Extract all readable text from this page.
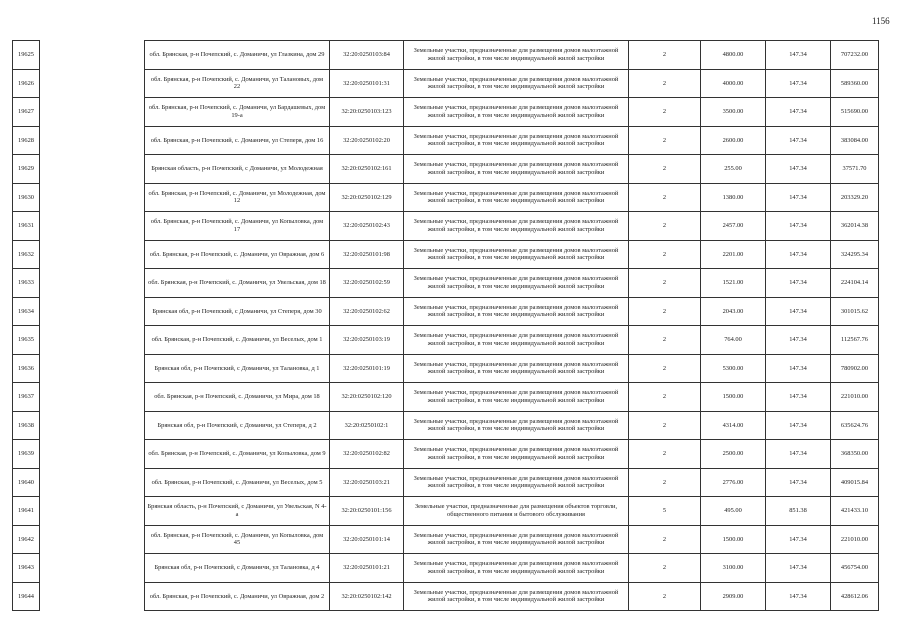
1156
19625		обл. Брянская, р-н Почепский, с. Доманичи, ул Глазкина, дом 29	32:20:0250103:84	Земельные участки, предназначенные для размещения домов малоэтажной жилой застройки, в том числе индивидуальной жилой застройки	2	4800.00	147.34	707232.00
19626		обл. Брянская, р-н Почепский, с. Доманичи, ул Талановых, дом 22	32:20:0250101:31	Земельные участки, предназначенные для размещения домов малоэтажной жилой застройки, в том числе индивидуальной жилой застройки	2	4000.00	147.34	589360.00
19627		обл. Брянская, р-н Почепский, с. Доманичи, ул Бардашевых, дом 19-а	32:20:0250103:123	Земельные участки, предназначенные для размещения домов малоэтажной жилой застройки, в том числе индивидуальной жилой застройки	2	3500.00	147.34	515690.00
19628		обл. Брянская, р-н Почепский, с. Доманичи, ул Степеря, дом 16	32:20:0250102:20	Земельные участки, предназначенные для размещения домов малоэтажной жилой застройки, в том числе индивидуальной жилой застройки	2	2600.00	147.34	383084.00
19629		Брянская область, р-н Почепский, с Доманичи, ул Молодежная	32:20:0250102:161	Земельные участки, предназначенные для размещения домов малоэтажной жилой застройки, в том числе индивидуальной жилой застройки	2	255.00	147.34	37571.70
19630		обл. Брянская, р-н Почепский, с. Доманичи, ул Молодежная, дом 12	32:20:0250102:129	Земельные участки, предназначенные для размещения домов малоэтажной жилой застройки, в том числе индивидуальной жилой застройки	2	1380.00	147.34	203329.20
19631		обл. Брянская, р-н Почепский, с. Доманичи, ул Копыловка, дом 17	32:20:0250102:43	Земельные участки, предназначенные для размещения домов малоэтажной жилой застройки, в том числе индивидуальной жилой застройки	2	2457.00	147.34	362014.38
19632		обл. Брянская, р-н Почепский, с. Доманичи, ул Овражная, дом 6	32:20:0250101:98	Земельные участки, предназначенные для размещения домов малоэтажной жилой застройки, в том числе индивидуальной жилой застройки	2	2201.00	147.34	324295.34
19633		обл. Брянская, р-н Почепский, с. Доманичи, ул Увельская, дом 18	32:20:0250102:59	Земельные участки, предназначенные для размещения домов малоэтажной жилой застройки, в том числе индивидуальной жилой застройки	2	1521.00	147.34	224104.14
19634		Брянская обл, р-н Почепский, с Доманичи, ул Степеря, дом 30	32:20:0250102:62	Земельные участки, предназначенные для размещения домов малоэтажной жилой застройки, в том числе индивидуальной жилой застройки	2	2043.00	147.34	301015.62
19635		обл. Брянская, р-н Почепский, с. Доманичи, ул Веселых, дом 1	32:20:0250103:19	Земельные участки, предназначенные для размещения домов малоэтажной жилой застройки, в том числе индивидуальной жилой застройки	2	764.00	147.34	112567.76
19636		Брянская обл, р-н Почепский, с Доманичи, ул Талановка, д 1	32:20:0250101:19	Земельные участки, предназначенные для размещения домов малоэтажной жилой застройки, в том числе индивидуальной жилой застройки	2	5300.00	147.34	780902.00
19637		обл. Брянская, р-н Почепский, с. Доманичи, ул Мира, дом 18	32:20:0250102:120	Земельные участки, предназначенные для размещения домов малоэтажной жилой застройки, в том числе индивидуальной жилой застройки	2	1500.00	147.34	221010.00
19638		Брянская обл, р-н Почепский, с Доманичи, ул Степеря, д 2	32:20:0250102:1	Земельные участки, предназначенные для размещения домов малоэтажной жилой застройки, в том числе индивидуальной жилой застройки	2	4314.00	147.34	635624.76
19639		обл. Брянская, р-н Почепский, с. Доманичи, ул Копыловка, дом 9	32:20:0250102:82	Земельные участки, предназначенные для размещения домов малоэтажной жилой застройки, в том числе индивидуальной жилой застройки	2	2500.00	147.34	368350.00
19640		обл. Брянская, р-н Почепский, с. Доманичи, ул Веселых, дом 5	32:20:0250103:21	Земельные участки, предназначенные для размещения домов малоэтажной жилой застройки, в том числе индивидуальной жилой застройки	2	2776.00	147.34	409015.84
19641		Брянская область, р-н Почепский, с Доманичи, ул Увельская, N 4-а	32:20:0250101:156	Земельные участки, предназначенные для размещения объектов торговли, общественного питания и бытового обслуживания	5	495.00	851.38	421433.10
19642		обл. Брянская, р-н Почепский, с. Доманичи, ул Копыловка, дом 45	32:20:0250101:14	Земельные участки, предназначенные для размещения домов малоэтажной жилой застройки, в том числе индивидуальной жилой застройки	2	1500.00	147.34	221010.00
19643		Брянская обл, р-н Почепский, с Доманичи, ул Талановка, д 4	32:20:0250101:21	Земельные участки, предназначенные для размещения домов малоэтажной жилой застройки, в том числе индивидуальной жилой застройки	2	3100.00	147.34	456754.00
19644		обл. Брянская, р-н Почепский, с. Доманичи, ул Овражная, дом 2	32:20:0250102:142	Земельные участки, предназначенные для размещения домов малоэтажной жилой застройки, в том числе индивидуальной жилой застройки	2	2909.00	147.34	428612.06
